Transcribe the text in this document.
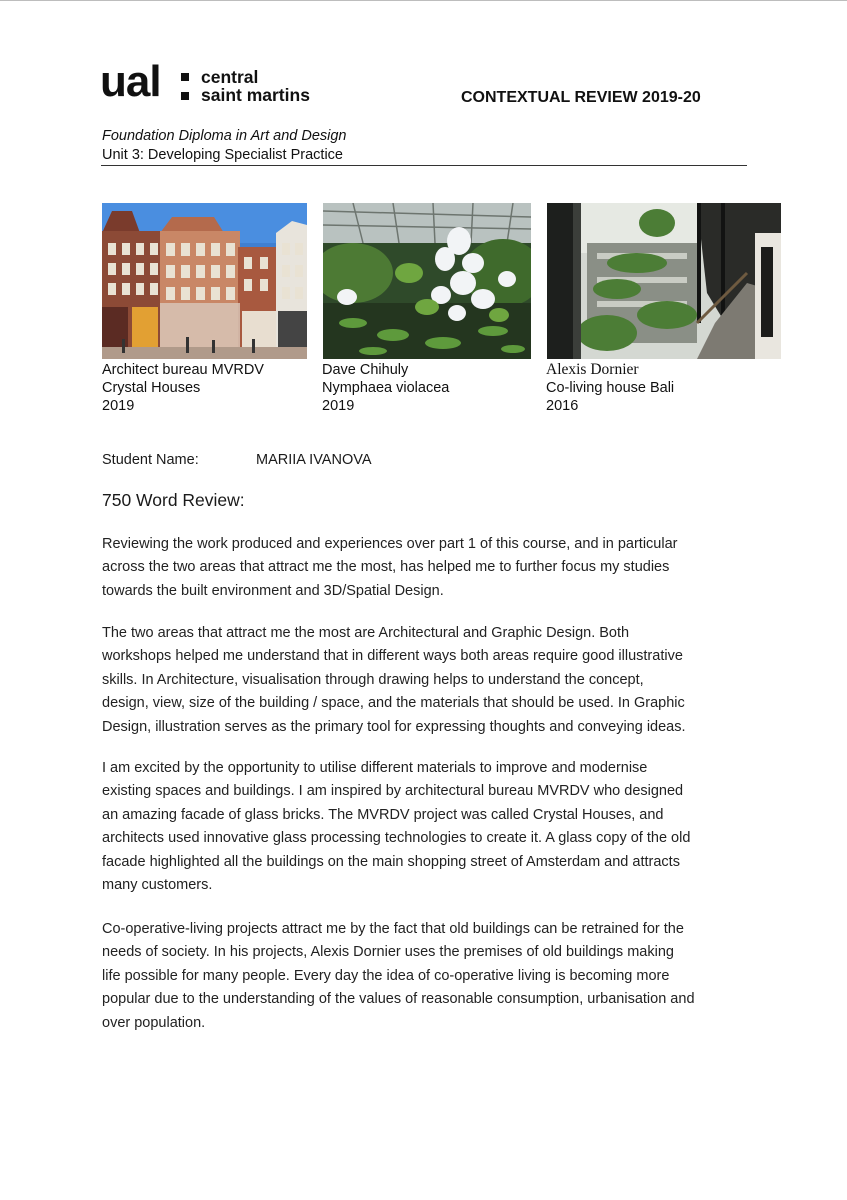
ual central
saint martins	CONTEXTUAL REVIEW 2019-20
Foundation Diploma in Art and Design
Unit 3: Developing Specialist Practice
Architect bureau MVRDV
Crystal Houses
2019
Dave Chihuly
Nymphaea violacea
2019
Alexis Dornier
Co-living house Bali
2016
Student Name:	MARIIA IVANOVA
750 Word Review:
Reviewing the work produced and experiences over part 1 of this course, and in particular
across the two areas that attract me the most, has helped me to further focus my studies
towards the built environment and 3D/Spatial Design.
The two areas that attract me the most are Architectural and Graphic Design. Both
workshops helped me understand that in different ways both areas require good illustrative
skills. In Architecture, visualisation through drawing helps to understand the concept,
design, view, size of the building / space, and the materials that should be used. In Graphic
Design, illustration serves as the primary tool for expressing thoughts and conveying ideas.
I am excited by the opportunity to utilise different materials to improve and modernise
existing spaces and buildings. I am inspired by architectural bureau MVRDV who designed
an amazing facade of glass bricks. The MVRDV project was called Crystal Houses, and
architects used innovative glass processing technologies to create it. A glass copy of the old
facade highlighted all the buildings on the main shopping street of Amsterdam and attracts
many customers.
Co-operative-living projects attract me by the fact that old buildings can be retrained for the
needs of society. In his projects, Alexis Dornier uses the premises of old buildings making
life possible for many people. Every day the idea of co-operative living is becoming more
popular due to the understanding of the values of reasonable consumption, urbanisation and
over population.
